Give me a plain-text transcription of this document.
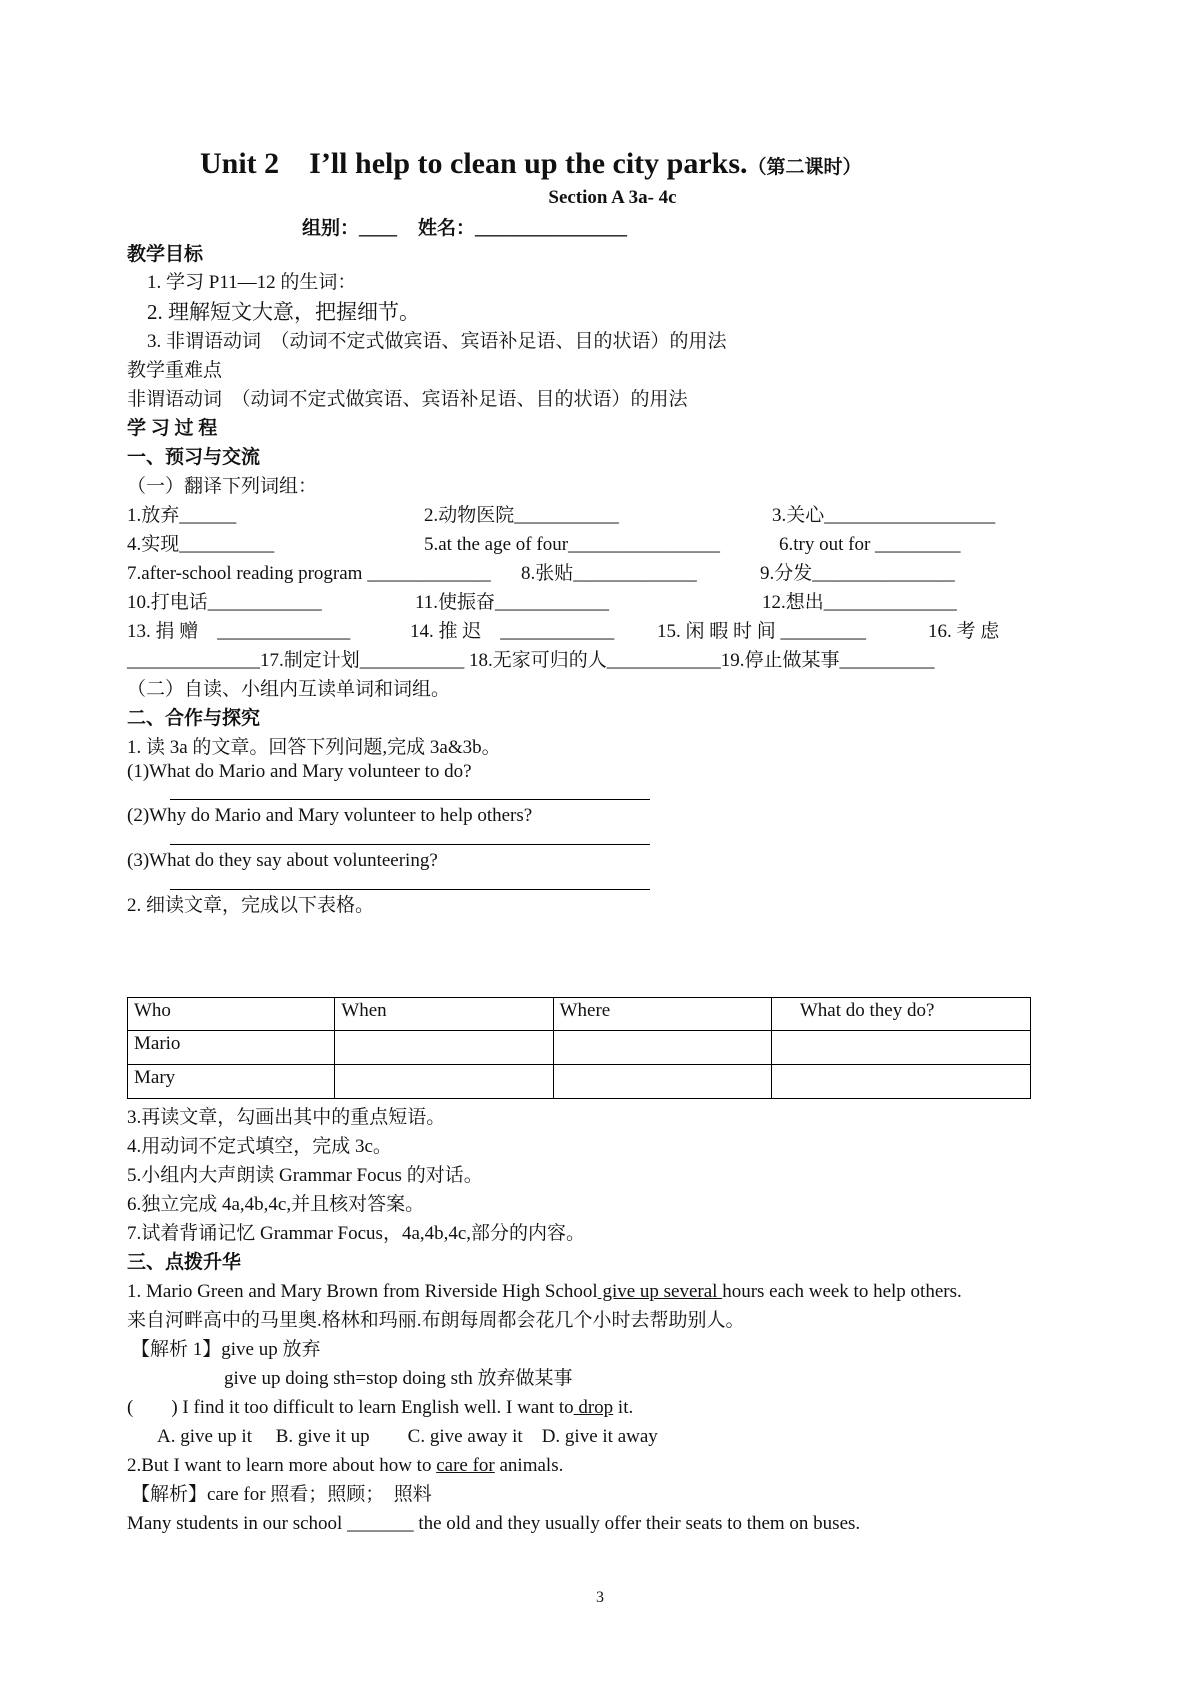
Unit 2　I’ll help to clean up the city parks.（第二课时）
Section A 3a- 4c
组别：____ 姓名：________________
教学目标
1. 学习 P11—12 的生词：
2. 理解短文大意，把握细节。
3. 非谓语动词　（动词不定式做宾语、宾语补足语、目的状语）的用法
教学重难点
非谓语动词　（动词不定式做宾语、宾语补足语、目的状语）的用法
学 习 过 程
一、预习与交流
（一）翻译下列词组：
1.放弃______	2.动物医院___________	3.关心__________________
4.实现__________	5.at the age of four________________	6.try out for _________
7.after-school reading program _____________ 8.张贴_____________	9.分发_______________
10.打电话____________	11.使振奋____________	12.想出______________
13. 捐 赠　______________	14. 推 迟　____________ 15. 闲 暇 时 间 _________	16. 考 虑
______________17.制定计划___________ 18.无家可归的人____________19.停止做某事__________
（二）自读、小组内互读单词和词组。
二、合作与探究
1. 读 3a 的文章。回答下列问题,完成 3a&3b。
(1)What do Mario and Mary volunteer to do?
(2)Why do Mario and Mary volunteer to help others?
(3)What do they say about volunteering?
2. 细读文章，完成以下表格。
Who	When	Where	What do they do?
Mario			
Mary			
3.再读文章，勾画出其中的重点短语。
4.用动词不定式填空，完成 3c。
5.小组内大声朗读 Grammar Focus 的对话。
6.独立完成 4a,4b,4c,并且核对答案。
7.试着背诵记忆 Grammar Focus，4a,4b,4c,部分的内容。
三、点拨升华
1. Mario Green and Mary Brown from Riverside High School give up several hours each week to help others.
来自河畔高中的马里奥.格林和玛丽.布朗每周都会花几个小时去帮助别人。
【解析 1】give up 放弃
give up doing sth=stop doing sth 放弃做某事
(　　) I find it too difficult to learn English well. I want to drop it.
A. give up it　 B. give it up　　C. give away it　D. give it away
2.But I want to learn more about how to care for animals.
【解析】care for 照看；照顾；　照料
Many students in our school _______ the old and they usually offer their seats to them on buses.
3
